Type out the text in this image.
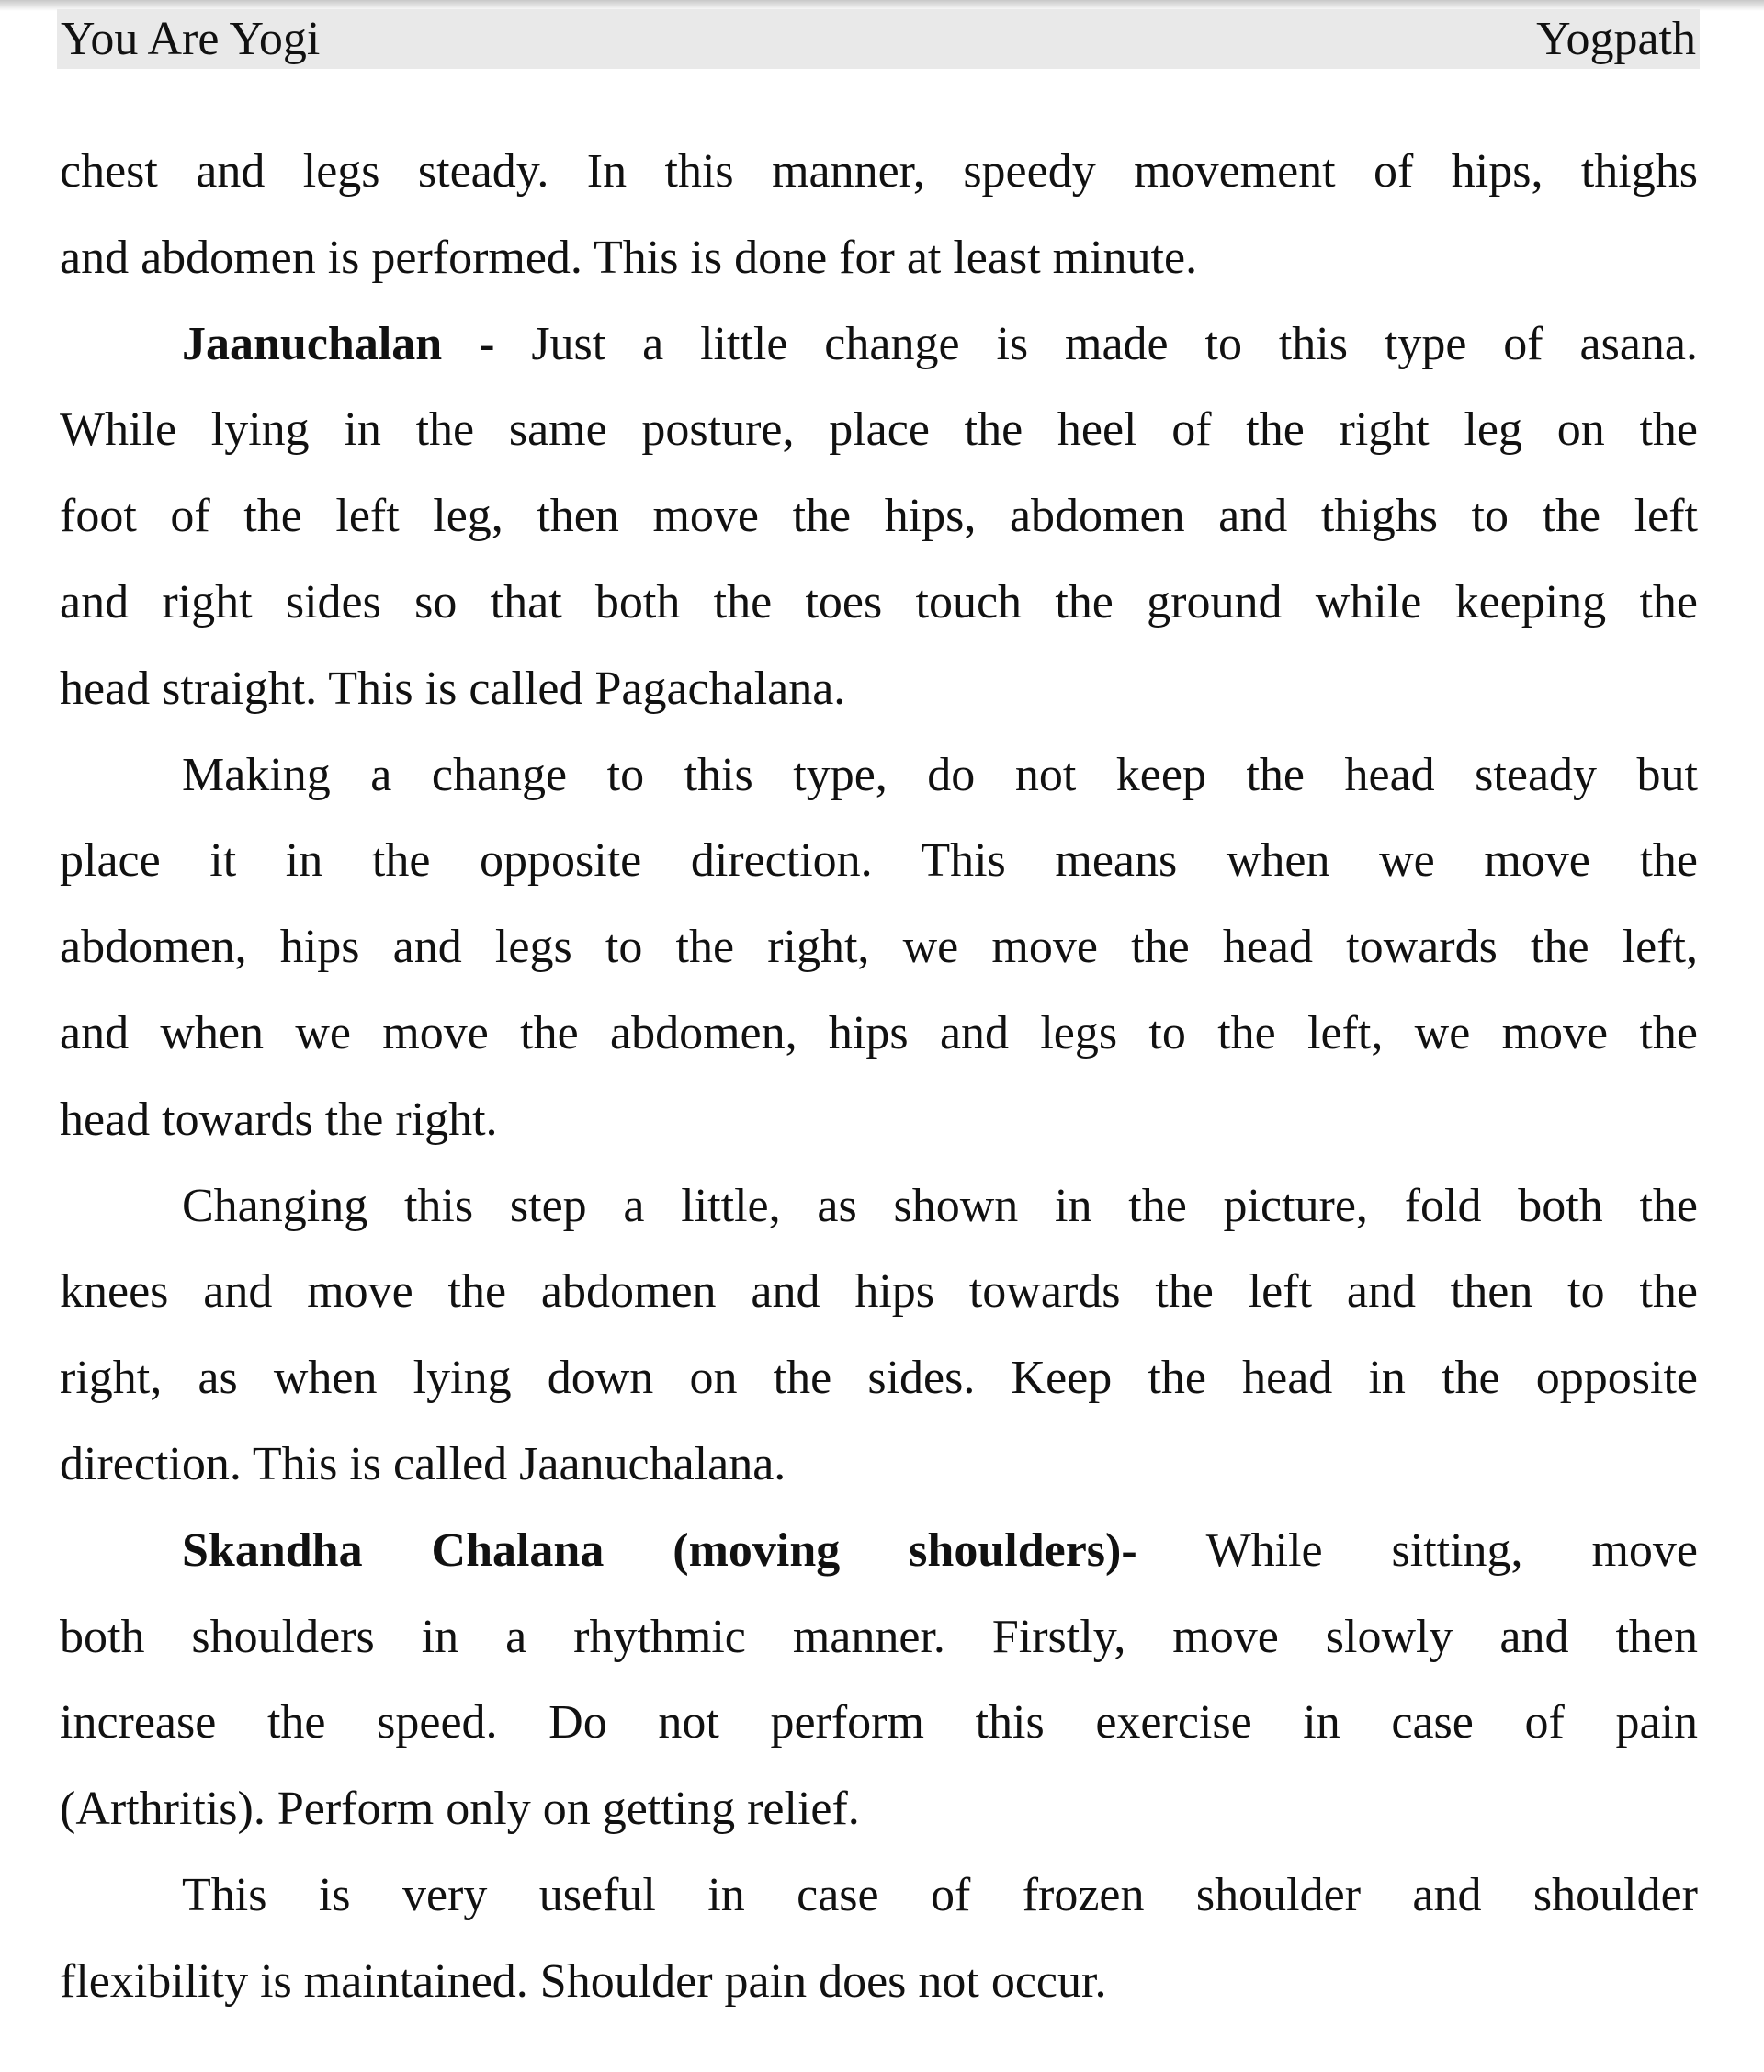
You Are Yogi	Yogpath
chest and legs steady. In this manner, speedy movement of hips, thighs
and abdomen is performed. This is done for at least minute.
Jaanuchalan - Just a little change is made to this type of asana.
While lying in the same posture, place the heel of the right leg on the
foot of the left leg, then move the hips, abdomen and thighs to the left
and right sides so that both the toes touch the ground while keeping the
head straight. This is called Pagachalana.
Making a change to this type, do not keep the head steady but
place it in the opposite direction. This means when we move the
abdomen, hips and legs to the right, we move the head towards the left,
and when we move the abdomen, hips and legs to the left, we move the
head towards the right.
Changing this step a little, as shown in the picture, fold both the
knees and move the abdomen and hips towards the left and then to the
right, as when lying down on the sides. Keep the head in the opposite
direction. This is called Jaanuchalana.
Skandha Chalana (moving shoulders)- While sitting, move
both shoulders in a rhythmic manner. Firstly, move slowly and then
increase the speed. Do not perform this exercise in case of pain
(Arthritis). Perform only on getting relief.
This is very useful in case of frozen shoulder and shoulder
flexibility is maintained. Shoulder pain does not occur.
